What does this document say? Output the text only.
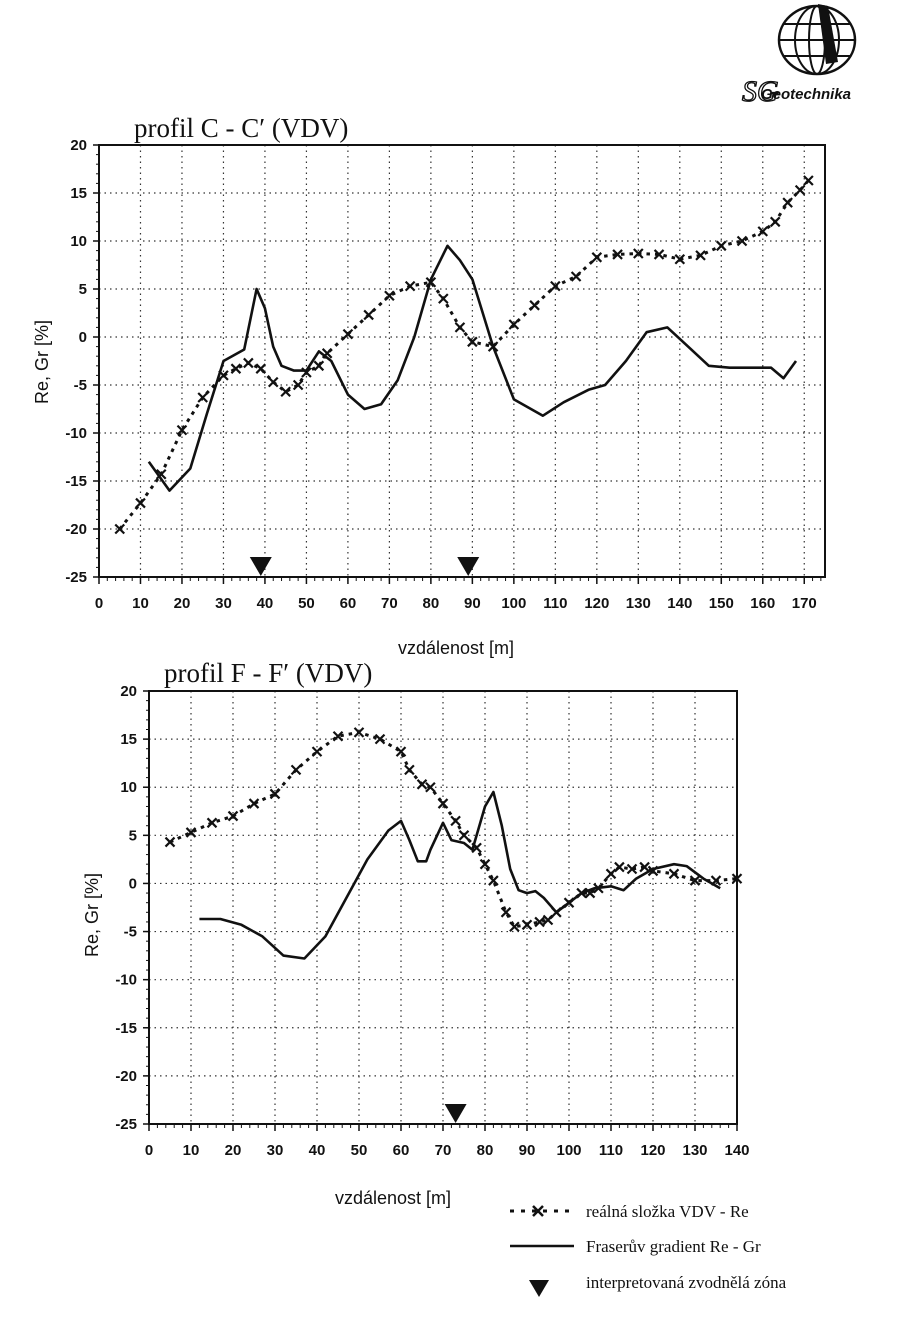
SG
Geotechnika
profil C - C′ (VDV)
0 10 20 30 40 50 60 70 80 90 100 110 120 130 140 150 160 170
20
15
10
5
0
-5
-10
-15
-20
-25
vzdálenost [m]
Re, Gr [%]
profil F - F′ (VDV)
0 10 20 30 40 50 60 70 80 90 100 110 120 130 140
20
15
10
5
0
-5
-10
-15
-20
-25
vzdálenost [m]
Re, Gr [%]
reálná složka VDV - Re
Fraserův gradient Re - Gr
interpretovaná zvodnělá zóna
